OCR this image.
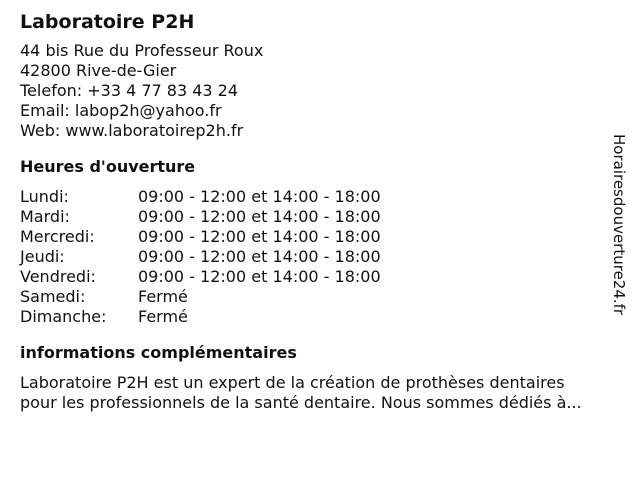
Laboratoire P2H
44 bis Rue du Professeur Roux
42800 Rive-de-Gier
Telefon: +33 4 77 83 43 24
Email: labop2h@yahoo.fr
Web: www.laboratoirep2h.fr
Heures d'ouverture
Lundi:	09:00 - 12:00 et 14:00 - 18:00
Mardi:	09:00 - 12:00 et 14:00 - 18:00
Mercredi:	09:00 - 12:00 et 14:00 - 18:00
Jeudi:	09:00 - 12:00 et 14:00 - 18:00
Vendredi:	09:00 - 12:00 et 14:00 - 18:00
Samedi:	Fermé
Dimanche:	Fermé
informations complémentaires
Laboratoire P2H est un expert de la création de prothèses dentaires
pour les professionnels de la santé dentaire. Nous sommes dédiés à...
Horairesdouverture24.fr
